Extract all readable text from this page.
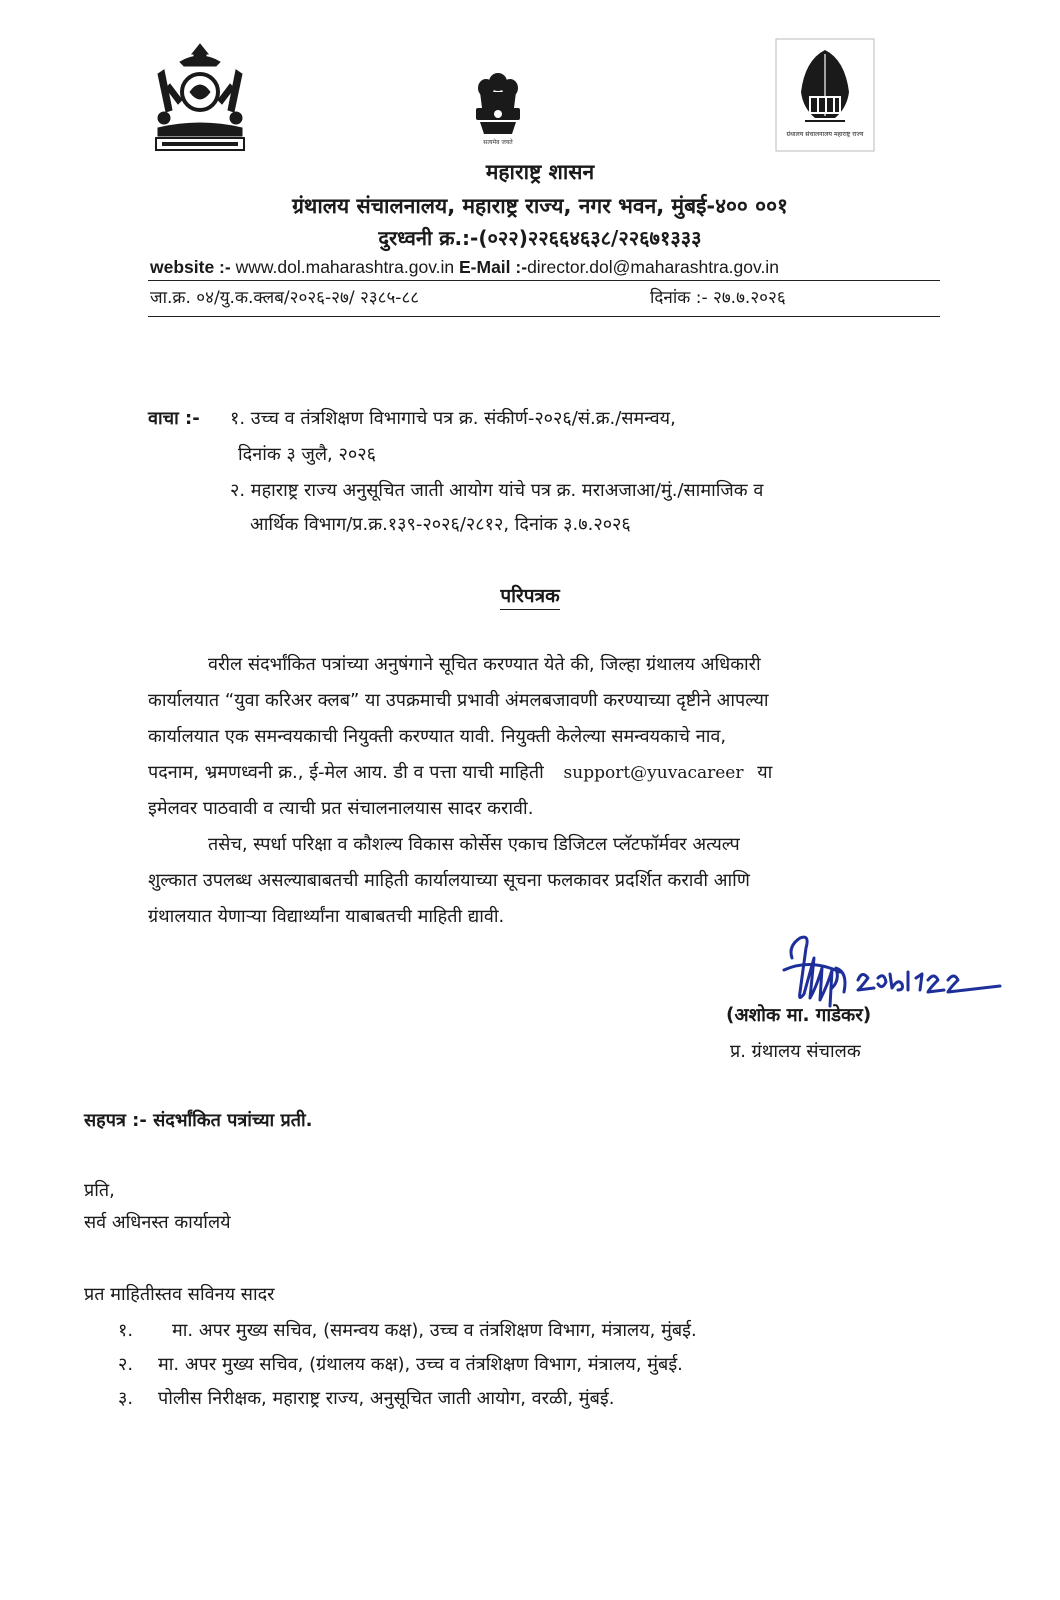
सत्यमेव जयते
ग्रंथालय संचालनालय महाराष्ट्र राज्य
महाराष्ट्र शासन
ग्रंथालय संचालनालय, महाराष्ट्र राज्य, नगर भवन, मुंबई-४०० ००१
दुरध्वनी क्र.:-(०२२)२२६६४६३८/२२६७१३३३
website :- www.dol.maharashtra.gov.in E-Mail :-director.dol@maharashtra.gov.in
जा.क्र. ०४/यु.क.क्लब/२०२६-२७/ २३८५-८८	दिनांक :- २७.७.२०२६
वाचा :- १. उच्च व तंत्रशिक्षण विभागाचे पत्र क्र. संकीर्ण-२०२६/सं.क्र./समन्वय,
दिनांक ३ जुलै, २०२६
२. महाराष्ट्र राज्य अनुसूचित जाती आयोग यांचे पत्र क्र. मराअजाआ/मुं./सामाजिक व
आर्थिक विभाग/प्र.क्र.१३९-२०२६/२८१२, दिनांक ३.७.२०२६
परिपत्रक
वरील संदर्भांकित पत्रांच्या अनुषंगाने सूचित करण्यात येते की, जिल्हा ग्रंथालय अधिकारी
कार्यालयात “युवा करिअर क्लब” या उपक्रमाची प्रभावी अंमलबजावणी करण्याच्या दृष्टीने आपल्या
कार्यालयात एक समन्वयकाची नियुक्ती करण्यात यावी. नियुक्ती केलेल्या समन्वयकाचे नाव,
पदनाम, भ्रमणध्वनी क्र., ई-मेल आय. डी व पत्ता याची माहिती support@yuvacareer या
इमेलवर पाठवावी व त्याची प्रत संचालनालयास सादर करावी.
तसेच, स्पर्धा परिक्षा व कौशल्य विकास कोर्सेस एकाच डिजिटल प्लॅटफॉर्मवर अत्यल्प
शुल्कात उपलब्ध असल्याबाबतची माहिती कार्यालयाच्या सूचना फलकावर प्रदर्शित करावी आणि
ग्रंथालयात येणाऱ्या विद्यार्थ्यांना याबाबतची माहिती द्यावी.
(अशोक मा. गाडेकर)
प्र. ग्रंथालय संचालक
सहपत्र :- संदर्भांकित पत्रांच्या प्रती.
प्रति,
सर्व अधिनस्त कार्यालये
प्रत माहितीस्तव सविनय सादर
१. मा. अपर मुख्य सचिव, (समन्वय कक्ष), उच्च व तंत्रशिक्षण विभाग, मंत्रालय, मुंबई.
२. मा. अपर मुख्य सचिव, (ग्रंथालय कक्ष), उच्च व तंत्रशिक्षण विभाग, मंत्रालय, मुंबई.
३. पोलीस निरीक्षक, महाराष्ट्र राज्य, अनुसूचित जाती आयोग, वरळी, मुंबई.
